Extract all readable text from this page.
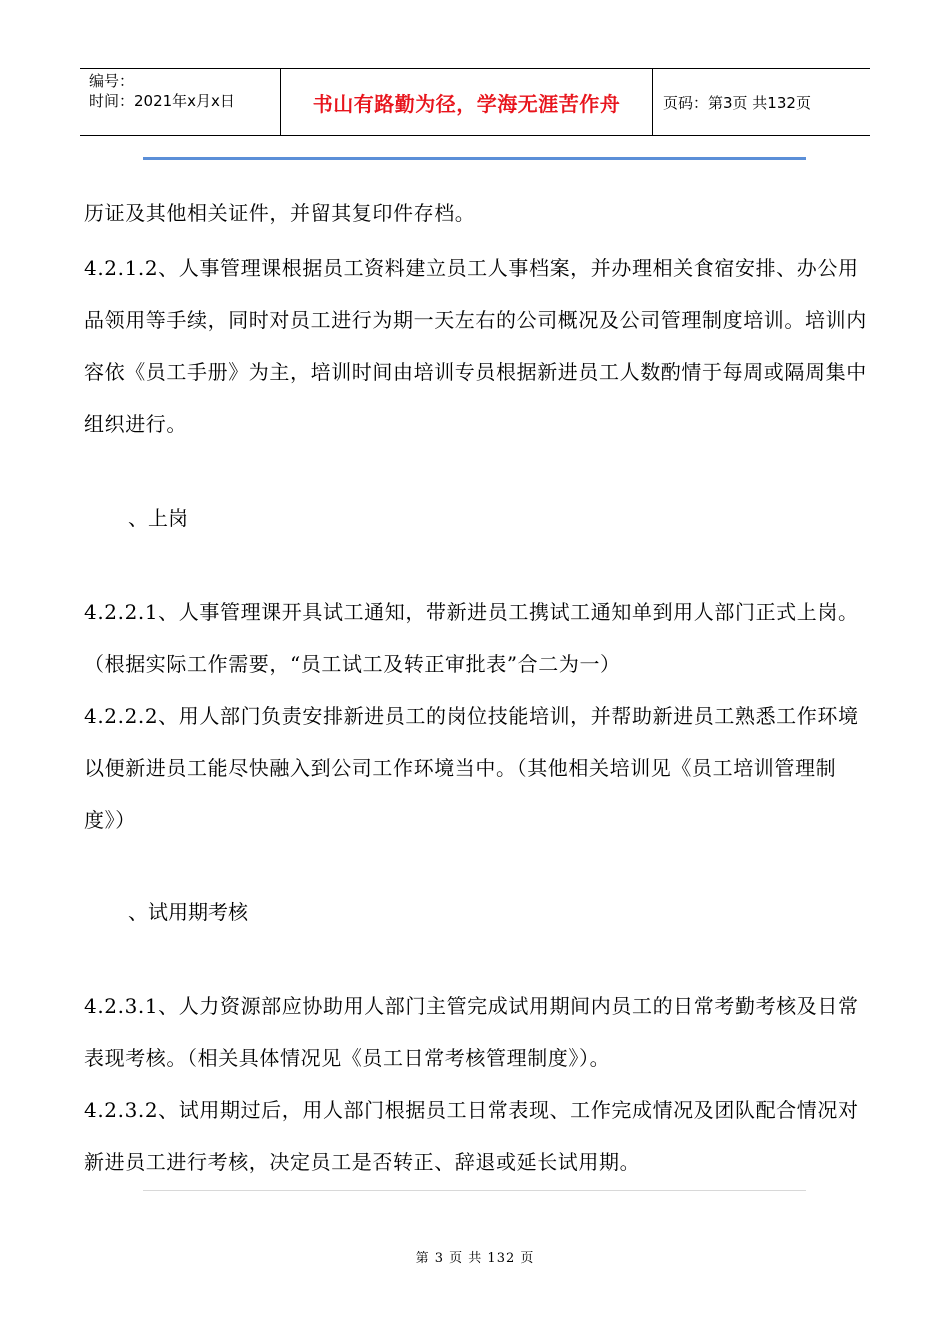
编号：
时间：2021年x月x日	书山有路勤为径，学海无涯苦作舟	页码：第3页 共132页

历证及其他相关证件，并留其复印件存档。

4.2.1.2、人事管理课根据员工资料建立员工人事档案，并办理相关食宿安排、办公用品领用等手续，同时对员工进行为期一天左右的公司概况及公司管理制度培训。培训内容依《员工手册》为主，培训时间由培训专员根据新进员工人数酌情于每周或隔周集中组织进行。

、上岗

4.2.2.1、人事管理课开具试工通知，带新进员工携试工通知单到用人部门正式上岗。（根据实际工作需要，“员工试工及转正审批表”合二为一）

4.2.2.2、用人部门负责安排新进员工的岗位技能培训，并帮助新进员工熟悉工作环境以便新进员工能尽快融入到公司工作环境当中。（其他相关培训见《员工培训管理制度》）

、试用期考核

4.2.3.1、人力资源部应协助用人部门主管完成试用期间内员工的日常考勤考核及日常表现考核。（相关具体情况见《员工日常考核管理制度》）。

4.2.3.2、试用期过后，用人部门根据员工日常表现、工作完成情况及团队配合情况对新进员工进行考核，决定员工是否转正、辞退或延长试用期。

第 3 页 共 132 页
